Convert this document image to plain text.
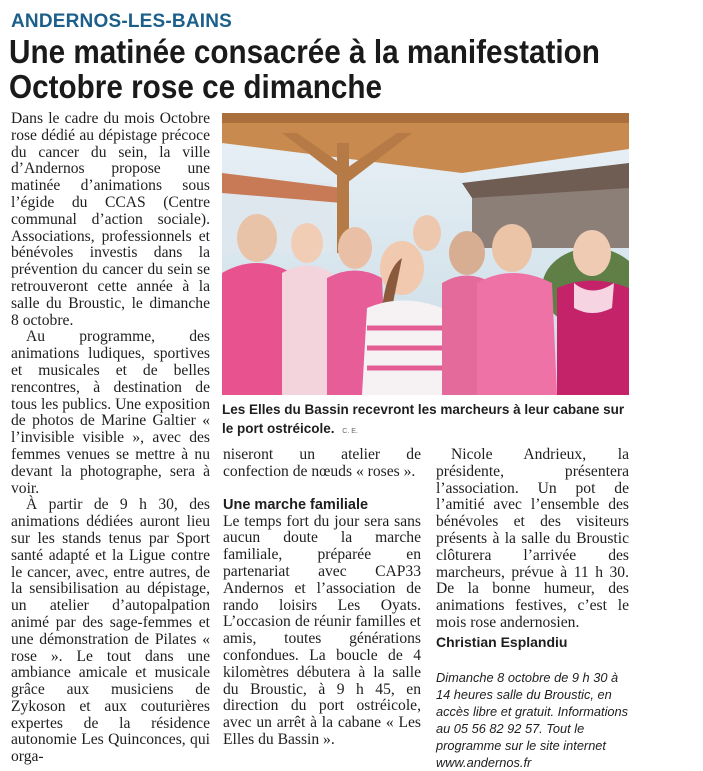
ANDERNOS-LES-BAINS
Une matinée consacrée à la manifestation
Octobre rose ce dimanche

Dans le cadre du mois Octobre rose dédié au dépistage précoce du cancer du sein, la ville d’Andernos propose une matinée d’animations sous l’égide du CCAS (Centre communal d’action sociale). Associations, professionnels et bénévoles investis dans la prévention du cancer du sein se retrouveront cette année à la salle du Broustic, le dimanche 8 octobre.

Au programme, des animations ludiques, sportives et musicales et de belles rencontres, à destination de tous les publics. Une exposition de photos de Marine Galtier « l’invisible visible », avec des femmes venues se mettre à nu devant la photographe, sera à voir.

À partir de 9 h 30, des animations dédiées auront lieu sur les stands tenus par Sport santé adapté et la Ligue contre le cancer, avec, entre autres, de la sensibilisation au dépistage, un atelier d’autopalpation animé par des sage-femmes et une démonstration de Pilates « rose ». Le tout dans une ambiance amicale et musicale grâce aux musiciens de Zykoson et aux couturières expertes de la résidence autonomie Les Quinconces, qui orga-

Les Elles du Bassin recevront les marcheurs à leur cabane sur le port ostréicole. C. E.

niseront un atelier de confection de nœuds « roses ».

Une marche familiale

Le temps fort du jour sera sans aucun doute la marche familiale, préparée en partenariat avec CAP33 Andernos et l’association de rando loisirs Les Oyats. L’occasion de réunir familles et amis, toutes générations confondues. La boucle de 4 kilomètres débutera à la salle du Broustic, à 9 h 45, en direction du port ostréicole, avec un arrêt à la cabane « Les Elles du Bassin ».

Nicole Andrieux, la présidente, présentera l’association. Un pot de l’amitié avec l’ensemble des bénévoles et des visiteurs présents à la salle du Broustic clôturera l’arrivée des marcheurs, prévue à 11 h 30. De la bonne humeur, des animations festives, c’est le mois rose andernosien.

Christian Esplandiu
Dimanche 8 octobre de 9 h 30 à 14 heures salle du Broustic, en accès libre et gratuit. Informations au 05 56 82 92 57. Tout le programme sur le site internet www.andernos.fr
